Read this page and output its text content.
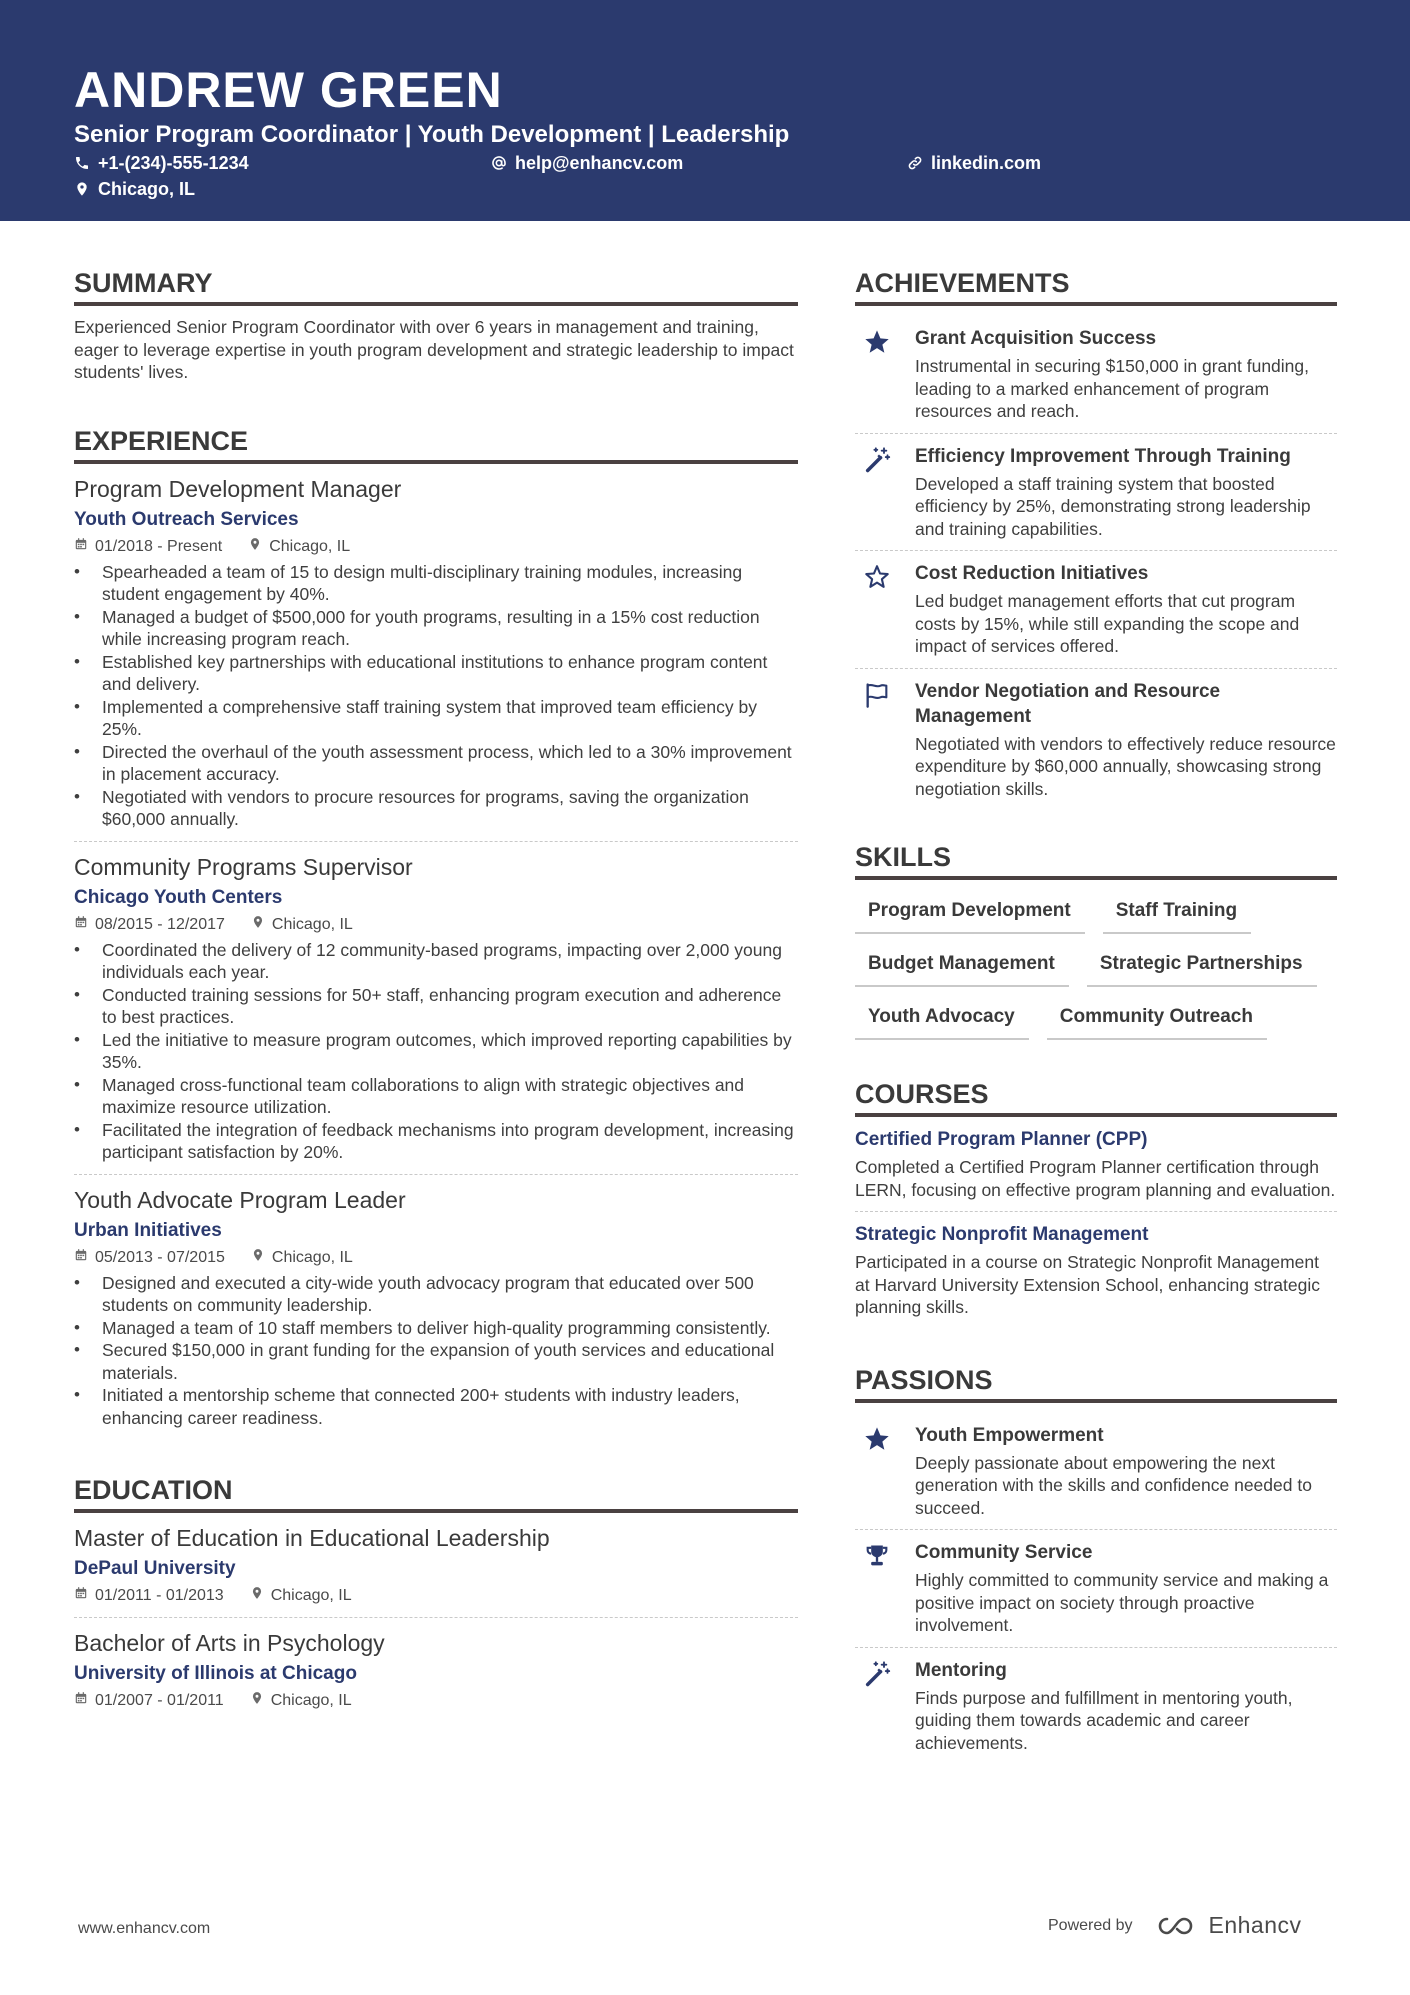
ANDREW GREEN
Senior Program Coordinator | Youth Development | Leadership
+1-(234)-555-1234	help@enhancv.com	linkedin.com
Chicago, IL
SUMMARY
Experienced Senior Program Coordinator with over 6 years in management and training, eager to leverage expertise in youth program development and strategic leadership to impact students' lives.
EXPERIENCE
Program Development Manager
Youth Outreach Services
01/2018 - Present	Chicago, IL
• Spearheaded a team of 15 to design multi-disciplinary training modules, increasing student engagement by 40%.
• Managed a budget of $500,000 for youth programs, resulting in a 15% cost reduction while increasing program reach.
• Established key partnerships with educational institutions to enhance program content and delivery.
• Implemented a comprehensive staff training system that improved team efficiency by 25%.
• Directed the overhaul of the youth assessment process, which led to a 30% improvement in placement accuracy.
• Negotiated with vendors to procure resources for programs, saving the organization $60,000 annually.
Community Programs Supervisor
Chicago Youth Centers
08/2015 - 12/2017	Chicago, IL
• Coordinated the delivery of 12 community-based programs, impacting over 2,000 young individuals each year.
• Conducted training sessions for 50+ staff, enhancing program execution and adherence to best practices.
• Led the initiative to measure program outcomes, which improved reporting capabilities by 35%.
• Managed cross-functional team collaborations to align with strategic objectives and maximize resource utilization.
• Facilitated the integration of feedback mechanisms into program development, increasing participant satisfaction by 20%.
Youth Advocate Program Leader
Urban Initiatives
05/2013 - 07/2015	Chicago, IL
• Designed and executed a city-wide youth advocacy program that educated over 500 students on community leadership.
• Managed a team of 10 staff members to deliver high-quality programming consistently.
• Secured $150,000 in grant funding for the expansion of youth services and educational materials.
• Initiated a mentorship scheme that connected 200+ students with industry leaders, enhancing career readiness.
EDUCATION
Master of Education in Educational Leadership
DePaul University
01/2011 - 01/2013	Chicago, IL
Bachelor of Arts in Psychology
University of Illinois at Chicago
01/2007 - 01/2011	Chicago, IL
ACHIEVEMENTS
Grant Acquisition Success
Instrumental in securing $150,000 in grant funding, leading to a marked enhancement of program resources and reach.
Efficiency Improvement Through Training
Developed a staff training system that boosted efficiency by 25%, demonstrating strong leadership and training capabilities.
Cost Reduction Initiatives
Led budget management efforts that cut program costs by 15%, while still expanding the scope and impact of services offered.
Vendor Negotiation and Resource Management
Negotiated with vendors to effectively reduce resource expenditure by $60,000 annually, showcasing strong negotiation skills.
SKILLS
Program Development	Staff Training
Budget Management	Strategic Partnerships
Youth Advocacy	Community Outreach
COURSES
Certified Program Planner (CPP)
Completed a Certified Program Planner certification through LERN, focusing on effective program planning and evaluation.
Strategic Nonprofit Management
Participated in a course on Strategic Nonprofit Management at Harvard University Extension School, enhancing strategic planning skills.
PASSIONS
Youth Empowerment
Deeply passionate about empowering the next generation with the skills and confidence needed to succeed.
Community Service
Highly committed to community service and making a positive impact on society through proactive involvement.
Mentoring
Finds purpose and fulfillment in mentoring youth, guiding them towards academic and career achievements.
www.enhancv.com	Powered by	Enhancv
